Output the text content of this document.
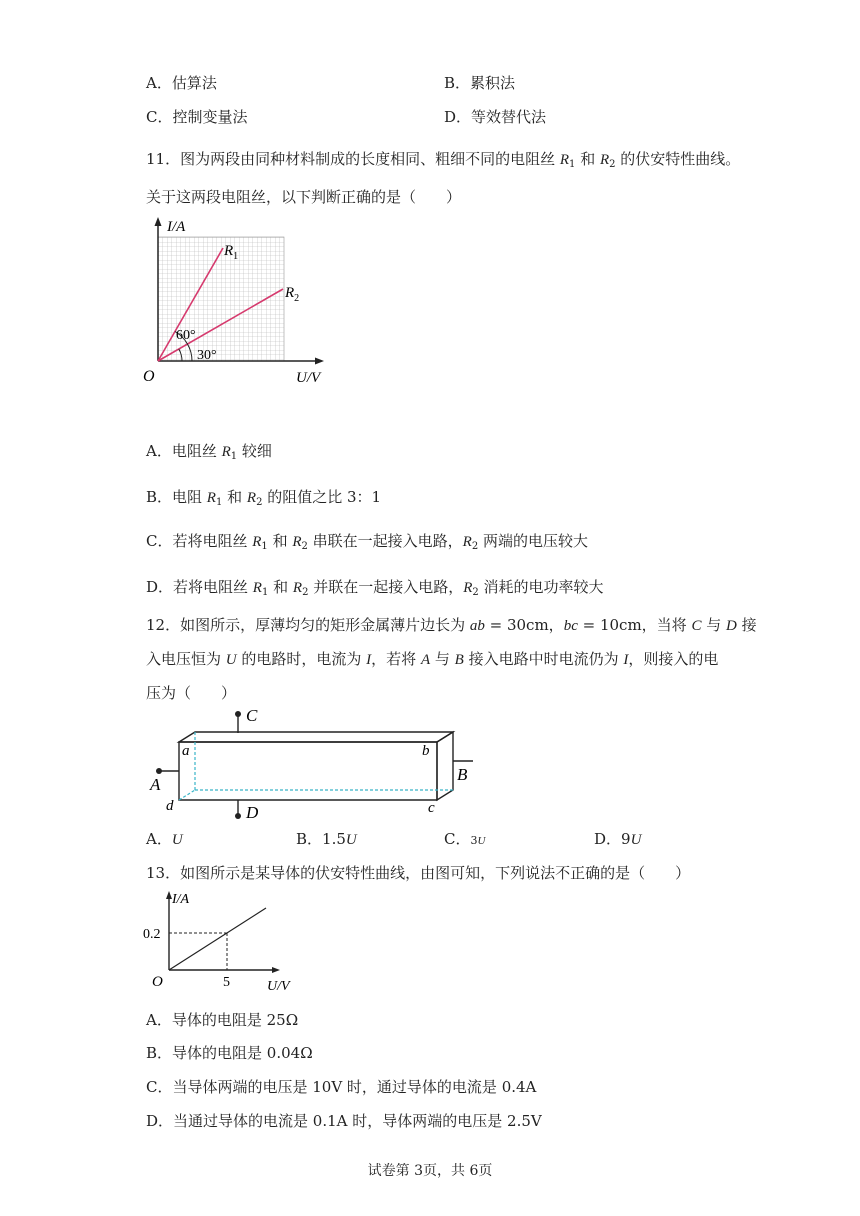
A．估算法	B．累积法
C．控制变量法	D．等效替代法
11．图为两段由同种材料制成的长度相同、粗细不同的电阻丝 $R_1$ 和 $R_2$ 的伏安特性曲线。
关于这两段电阻丝，以下判断正确的是（　　）
I/A
O	U/V
60°
30°
$R_1$
$R_2$
A．电阻丝 $R_1$ 较细
B．电阻 $R_1$ 和 $R_2$ 的阻值之比 3：1
C．若将电阻丝 $R_1$ 和 $R_2$ 串联在一起接入电路，$R_2$ 两端的电压较大
D．若将电阻丝 $R_1$ 和 $R_2$ 并联在一起接入电路，$R_2$ 消耗的电功率较大
12．如图所示，厚薄均匀的矩形金属薄片边长为 ab = 30cm，bc = 10cm，当将 C 与 D 接
入电压恒为 U 的电路时，电流为 I，若将 A 与 B 接入电路中时电流仍为 I，则接入的电
压为（　　）
C
D
A
B
a	b
c
d
A．U	B．1.5U	C．3U	D．9U
13．如图所示是某导体的伏安特性曲线，由图可知，下列说法不正确的是（　　）
I/A
0.2
O	5	U/V
A．导体的电阻是 25Ω
B．导体的电阻是 0.04Ω
C．当导体两端的电压是 10V 时，通过导体的电流是 0.4A
D．当通过导体的电流是 0.1A 时，导体两端的电压是 2.5V
试卷第 3页，共 6页
